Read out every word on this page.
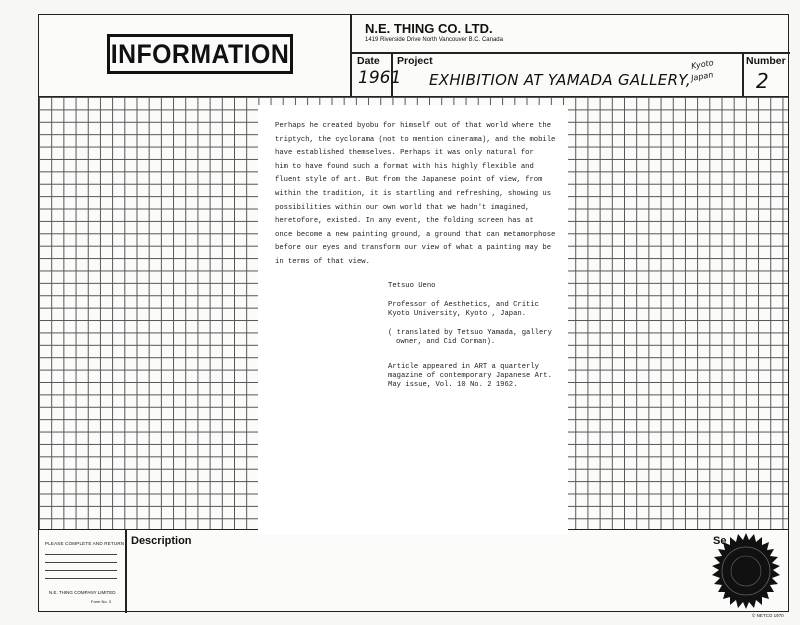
INFORMATION
N.E. THING CO. LTD.
1419 Riverside Drive North Vancouver B.C. Canada
Date
1961
Project
EXHIBITION AT YAMADA GALLERY,
Kyoto
Japan
Number
2
Perhaps he created byobu for himself out of that world where the
triptych, the cyclorama (not to mention cinerama), and the mobile
have established themselves. Perhaps it was only natural for
him to have found such a format with his highly flexible and
fluent style of art. But from the Japanese point of view, from
within the tradition, it is startling and refreshing, showing us
possibilities within our own world that we hadn't imagined,
heretofore, existed. In any event, the folding screen has at
once become a new painting ground, a ground that can metamorphose
before our eyes and transform our view of what a painting may be
in terms of that view.
Tetsuo Ueno
Professor of Aesthetics, and Critic
Kyoto University, Kyoto , Japan.
( translated by Tetsuo Yamada, gallery
owner, and Cid Corman).
Article appeared in ART a quarterly
magazine of contemporary Japanese Art.
May issue, Vol. 10 No. 2 1962.
PLEASE COMPLETE AND RETURN
N.E. THING COMPANY LIMITED
Form No. 3
Description	Se
© NETCO 1970
